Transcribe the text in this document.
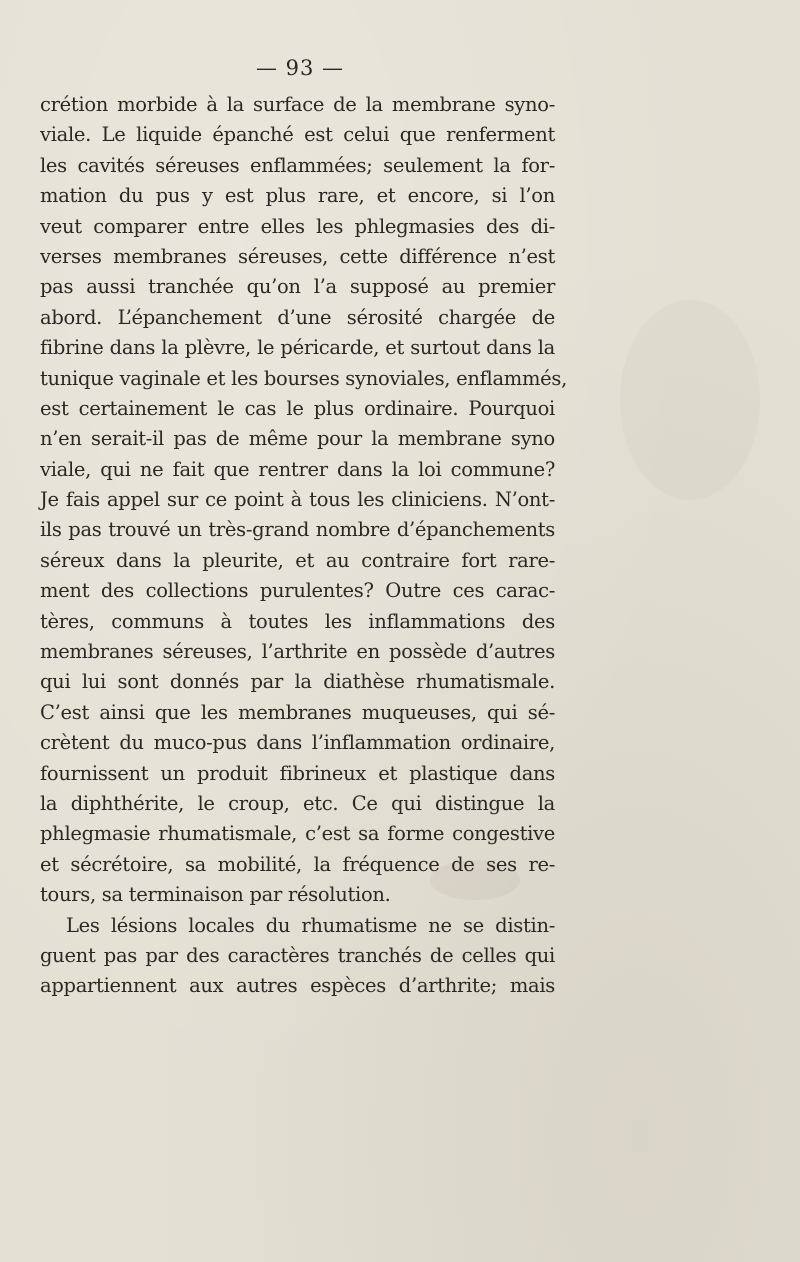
— 93 —
crétion morbide à la surface de la membrane syno-
viale. Le liquide épanché est celui que renferment
les cavités séreuses enflammées; seulement la for-
mation du pus y est plus rare, et encore, si l’on
veut comparer entre elles les phlegmasies des di-
verses membranes séreuses, cette différence n’est
pas aussi tranchée qu’on l’a supposé au premier
abord. L’épanchement d’une sérosité chargée de
fibrine dans la plèvre, le péricarde, et surtout dans la
tunique vaginale et les bourses synoviales, enflammés,
est certainement le cas le plus ordinaire. Pourquoi
n’en serait-il pas de même pour la membrane syno
viale, qui ne fait que rentrer dans la loi commune?
Je fais appel sur ce point à tous les cliniciens. N’ont-
ils pas trouvé un très-grand nombre d’épanchements
séreux dans la pleurite, et au contraire fort rare-
ment des collections purulentes? Outre ces carac-
tères, communs à toutes les inflammations des
membranes séreuses, l’arthrite en possède d’autres
qui lui sont donnés par la diathèse rhumatismale.
C’est ainsi que les membranes muqueuses, qui sé-
crètent du muco-pus dans l’inflammation ordinaire,
fournissent un produit fibrineux et plastique dans
la diphthérite, le croup, etc. Ce qui distingue la
phlegmasie rhumatismale, c’est sa forme congestive
et sécrétoire, sa mobilité, la fréquence de ses re-
tours, sa terminaison par résolution.
Les lésions locales du rhumatisme ne se distin-
guent pas par des caractères tranchés de celles qui
appartiennent aux autres espèces d’arthrite; mais
